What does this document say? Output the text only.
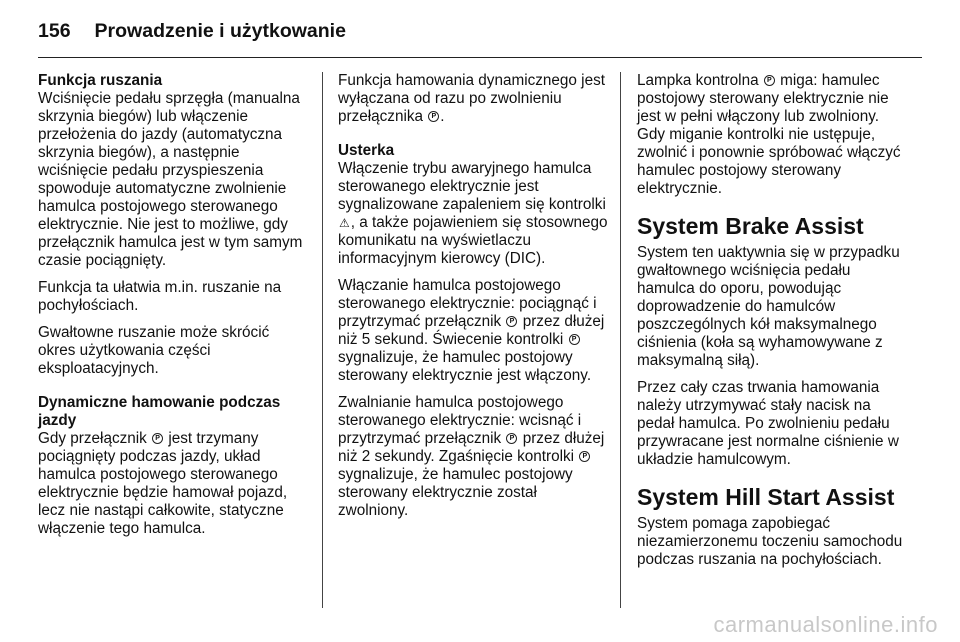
156 Prowadzenie i użytkowanie
Funkcja ruszania

Wciśnięcie pedału sprzęgła (manualna skrzynia biegów) lub włączenie przełożenia do jazdy (automatyczna skrzynia biegów), a następnie wciśnięcie pedału przyspieszenia spowoduje automatyczne zwolnienie hamulca postojowego sterowanego elektrycznie. Nie jest to możliwe, gdy przełącznik hamulca jest w tym samym czasie pociągnięty.

Funkcja ta ułatwia m.in. ruszanie na pochyłościach.

Gwałtowne ruszanie może skrócić okres użytkowania części eksploatacyjnych.

Dynamiczne hamowanie podczas jazdy

Gdy przełącznik P jest trzymany pociągnięty podczas jazdy, układ hamulca postojowego sterowanego elektrycznie będzie hamował pojazd, lecz nie nastąpi całkowite, statyczne włączenie tego hamulca.

Funkcja hamowania dynamicznego jest wyłączana od razu po zwolnieniu przełącznika P .

Usterka

Włączenie trybu awaryjnego hamulca sterowanego elektrycznie jest sygnalizowane zapaleniem się kontrolki ⚠, a także pojawieniem się stosownego komunikatu na wyświetlaczu informacyjnym kierowcy (DIC).

Włączanie hamulca postojowego sterowanego elektrycznie: pociągnąć i przytrzymać przełącznik P przez dłużej niż 5 sekund. Świecenie kontrolki P sygnalizuje, że hamulec postojowy sterowany elektrycznie jest włączony.

Zwalnianie hamulca postojowego sterowanego elektrycznie: wcisnąć i przytrzymać przełącznik P przez dłużej niż 2 sekundy. Zgaśnięcie kontrolki P sygnalizuje, że hamulec postojowy sterowany elektrycznie został zwolniony.

Lampka kontrolna P miga: hamulec postojowy sterowany elektrycznie nie jest w pełni włączony lub zwolniony. Gdy miganie kontrolki nie ustępuje, zwolnić i ponownie spróbować włączyć hamulec postojowy sterowany elektrycznie.

System Brake Assist

System ten uaktywnia się w przypadku gwałtownego wciśnięcia pedału hamulca do oporu, powodując doprowadzenie do hamulców poszczególnych kół maksymalnego ciśnienia (koła są wyhamowywane z maksymalną siłą).

Przez cały czas trwania hamowania należy utrzymywać stały nacisk na pedał hamulca. Po zwolnieniu pedału przywracane jest normalne ciśnienie w układzie hamulcowym.

System Hill Start Assist

System pomaga zapobiegać niezamierzonemu toczeniu samochodu podczas ruszania na pochyłościach.

carmanualsonline.info
